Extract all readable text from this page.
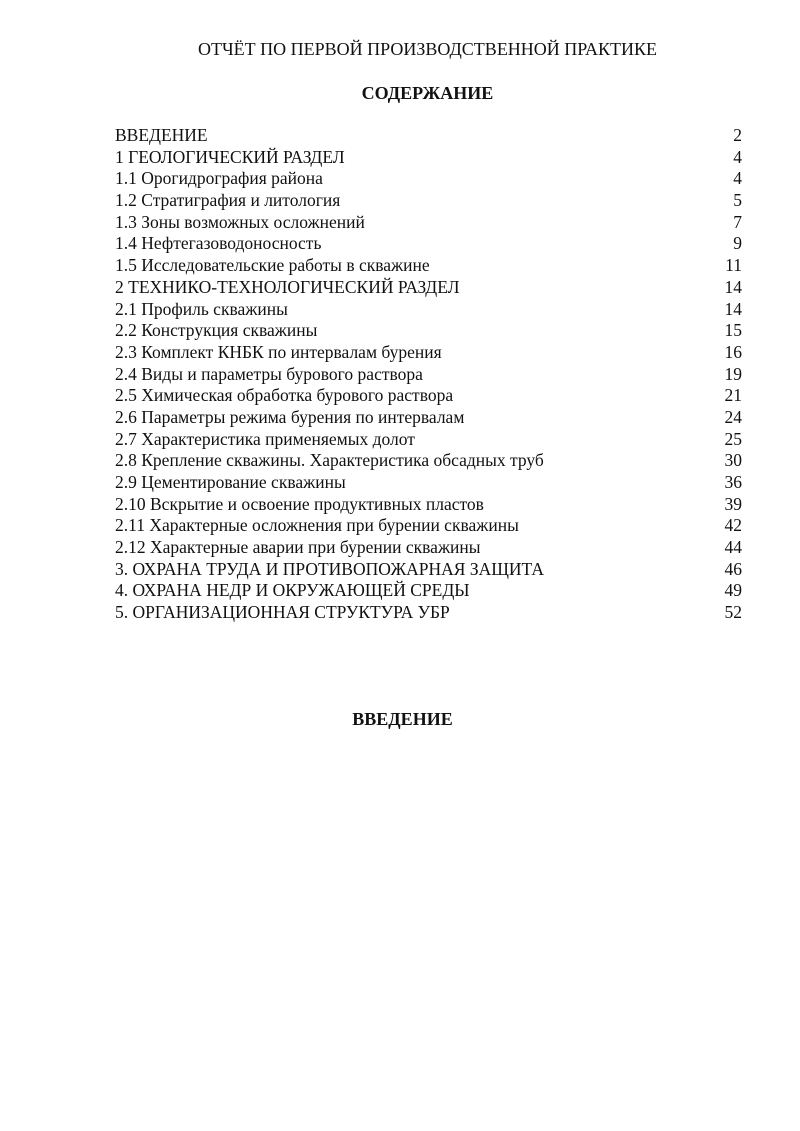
ОТЧЁТ ПО ПЕРВОЙ ПРОИЗВОДСТВЕННОЙ ПРАКТИКЕ
СОДЕРЖАНИЕ
ВВЕДЕНИЕ	2
1 ГЕОЛОГИЧЕСКИЙ РАЗДЕЛ	4
1.1 Орогидрография района	4
1.2 Стратиграфия и литология	5
1.3 Зоны возможных осложнений	7
1.4 Нефтегазоводоносность	9
1.5 Исследовательские работы в скважине	11
2 ТЕХНИКО-ТЕХНОЛОГИЧЕСКИЙ РАЗДЕЛ	14
2.1 Профиль скважины	14
2.2 Конструкция скважины	15
2.3 Комплект КНБК по интервалам бурения	16
2.4 Виды и параметры бурового раствора	19
2.5 Химическая обработка бурового раствора	21
2.6 Параметры режима бурения по интервалам	24
2.7 Характеристика применяемых долот	25
2.8 Крепление скважины. Характеристика обсадных труб	30
2.9 Цементирование скважины	36
2.10 Вскрытие и освоение продуктивных пластов	39
2.11 Характерные осложнения при бурении скважины	42
2.12 Характерные аварии при бурении скважины	44
3. ОХРАНА ТРУДА И ПРОТИВОПОЖАРНАЯ ЗАЩИТА	46
4. ОХРАНА НЕДР И ОКРУЖАЮЩЕЙ СРЕДЫ	49
5. ОРГАНИЗАЦИОННАЯ СТРУКТУРА УБР	52
ВВЕДЕНИЕ
